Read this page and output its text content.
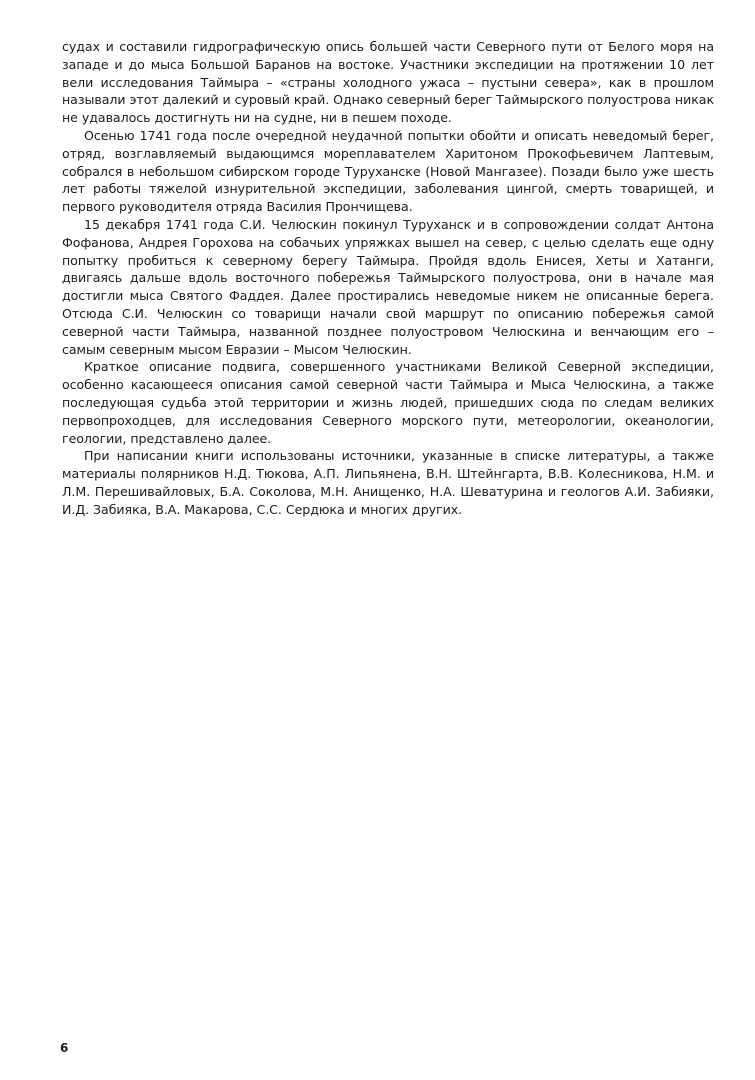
судах и составили гидрографическую опись большей части Северного пути от Белого моря на западе и до мыса Большой Баранов на востоке. Участники экспедиции на протяжении 10 лет вели исследования Таймыра – «страны холодного ужаса – пустыни севера», как в прошлом называли этот далекий и суровый край. Однако северный берег Таймырского полуострова никак не удавалось достигнуть ни на судне, ни в пешем походе.

Осенью 1741 года после очередной неудачной попытки обойти и описать неведомый берег, отряд, возглавляемый выдающимся мореплавателем Харитоном Прокофьевичем Лаптевым, собрался в небольшом сибирском городе Туруханске (Новой Мангазее). Позади было уже шесть лет работы тяжелой изнурительной экспедиции, заболевания цингой, смерть товарищей, и первого руководителя отряда Василия Прончищева.

15 декабря 1741 года С.И. Челюскин покинул Туруханск и в сопровождении солдат Антона Фофанова, Андрея Горохова на собачьих упряжках вышел на север, с целью сделать еще одну попытку пробиться к северному берегу Таймыра. Пройдя вдоль Енисея, Хеты и Хатанги, двигаясь дальше вдоль восточного побережья Таймырского полуострова, они в начале мая достигли мыса Святого Фаддея. Далее простирались неведомые никем не описанные берега. Отсюда С.И. Челюскин со товарищи начали свой маршрут по описанию побережья самой северной части Таймыра, названной позднее полуостровом Челюскина и венчающим его – самым северным мысом Евразии – Мысом Челюскин.

Краткое описание подвига, совершенного участниками Великой Северной экспедиции, особенно касающееся описания самой северной части Таймыра и Мыса Челюскина, а также последующая судьба этой территории и жизнь людей, пришедших сюда по следам великих первопроходцев, для исследования Северного морского пути, метеорологии, океанологии, геологии, представлено далее.

При написании книги использованы источники, указанные в списке литературы, а также материалы полярников Н.Д. Тюкова, А.П. Липьянена, В.Н. Штейнгарта, В.В. Колесникова, Н.М. и Л.М. Перешивайловых, Б.А. Соколова, М.Н. Анищенко, Н.А. Шеватурина и геологов А.И. Забияки, И.Д. Забияка, В.А. Макарова, С.С. Сердюка и многих других.

6
